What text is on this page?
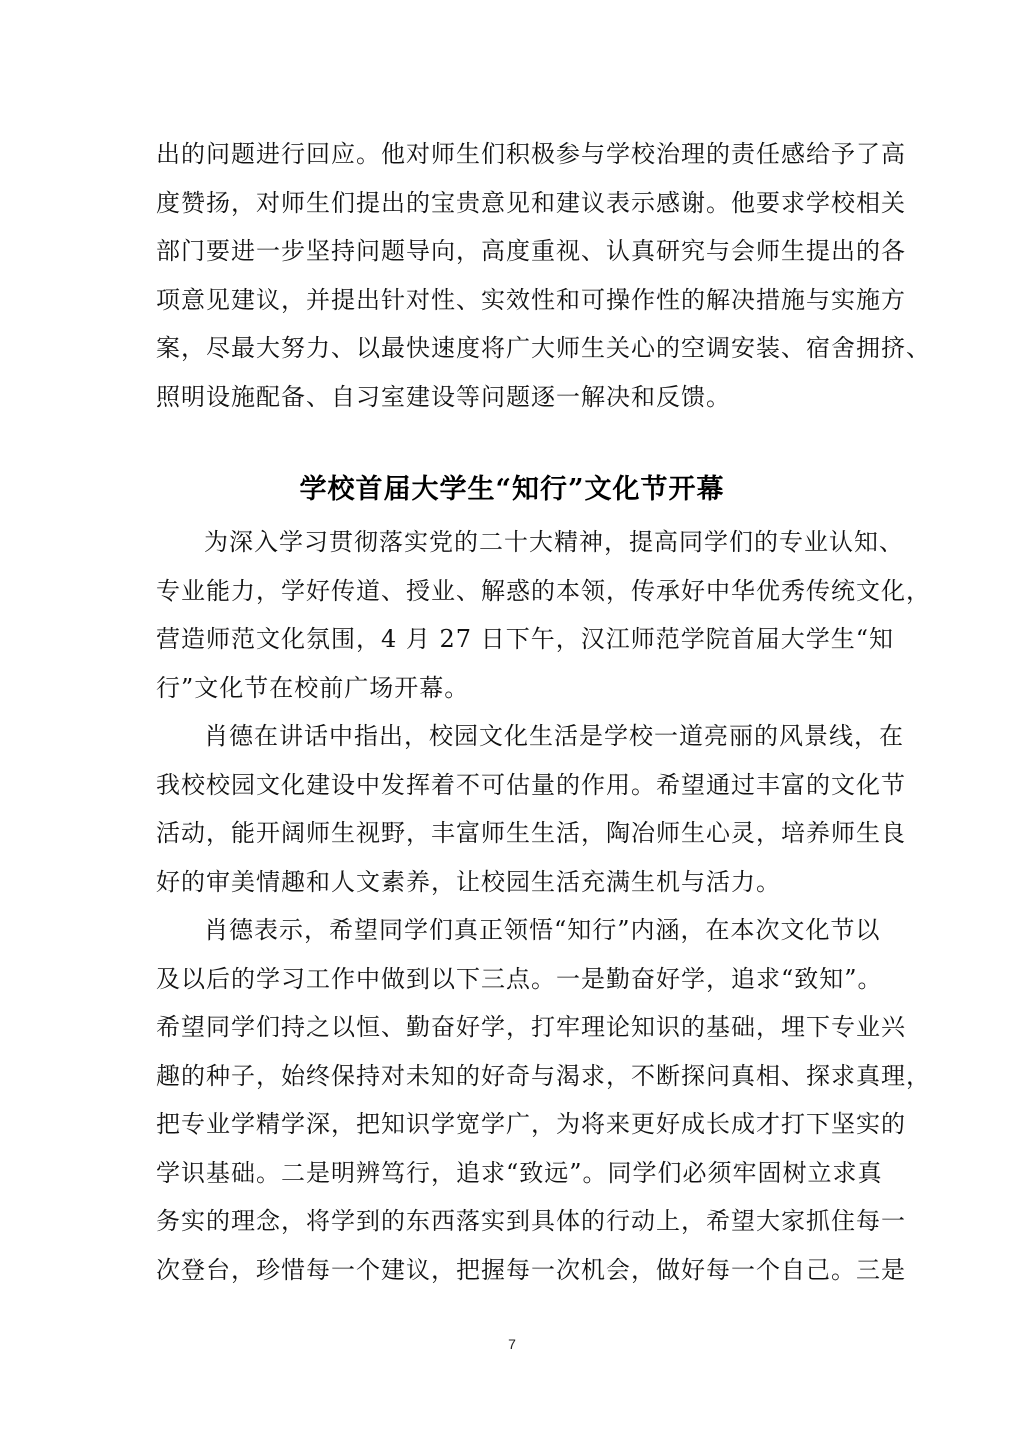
出的问题进行回应。他对师生们积极参与学校治理的责任感给予了高
度赞扬，对师生们提出的宝贵意见和建议表示感谢。他要求学校相关
部门要进一步坚持问题导向，高度重视、认真研究与会师生提出的各
项意见建议，并提出针对性、实效性和可操作性的解决措施与实施方
案，尽最大努力、以最快速度将广大师生关心的空调安装、宿舍拥挤、
照明设施配备、自习室建设等问题逐一解决和反馈。
学校首届大学生“知行”文化节开幕
为深入学习贯彻落实党的二十大精神，提高同学们的专业认知、
专业能力，学好传道、授业、解惑的本领，传承好中华优秀传统文化，
营造师范文化氛围，4 月 27 日下午，汉江师范学院首届大学生“知
行”文化节在校前广场开幕。
肖德在讲话中指出，校园文化生活是学校一道亮丽的风景线，在
我校校园文化建设中发挥着不可估量的作用。希望通过丰富的文化节
活动，能开阔师生视野，丰富师生生活，陶冶师生心灵，培养师生良
好的审美情趣和人文素养，让校园生活充满生机与活力。
肖德表示，希望同学们真正领悟“知行”内涵，在本次文化节以
及以后的学习工作中做到以下三点。一是勤奋好学，追求“致知”。
希望同学们持之以恒、勤奋好学，打牢理论知识的基础，埋下专业兴
趣的种子，始终保持对未知的好奇与渴求，不断探问真相、探求真理，
把专业学精学深，把知识学宽学广，为将来更好成长成才打下坚实的
学识基础。二是明辨笃行，追求“致远”。同学们必须牢固树立求真
务实的理念，将学到的东西落实到具体的行动上，希望大家抓住每一
次登台，珍惜每一个建议，把握每一次机会，做好每一个自己。三是
7
